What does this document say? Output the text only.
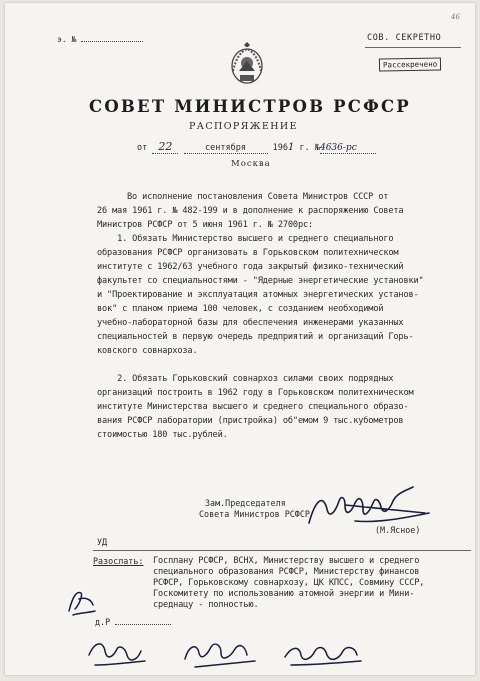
э. №
46
СОВ. СЕКРЕТНО
Рассекречено
СОВЕТ МИНИСТРОВ РСФСР
РАСПОРЯЖЕНИЕ
от 22	сентября	1961 г. №4636-рс
Москва
Во исполнение постановления Совета Министров СССР от
26 мая 1961 г. № 482-199 и в дополнение к распоряжению Совета
Министров РСФСР от 5 июня 1961 г. № 2700рс:
1. Обязать Министерство высшего и среднего специального
образования РСФСР организовать в Горьковском политехническом
институте с 1962/63 учебного года закрытый физико-технический
факультет со специальностями - "Ядерные энергетические установки"
и "Проектирование и эксплуатация атомных энергетических установ-
вок" с планом приема 100 человек, с созданием необходимой
учебно-лабораторной базы для обеспечения инженерами указанных
специальностей в первую очередь предприятий и организаций Горь-
ковского совнархоза.
2. Обязать Горьковский совнархоз силами своих подрядных
организаций построить в 1962 году в Горьковском политехническом
институте Министерства высшего и среднего специального образо-
вания РСФСР лаборатории (пристройка) об"емом 9 тыс.кубометров
стоимостью 180 тыс.рублей.
Зам.Председателя
Совета Министров РСФСР
(М.Ясное)
УД
Разослать: Госплану РСФСР, ВСНХ, Министерству высшего и среднего
специального образования РСФСР, Министерству финансов
РСФСР, Горьковскому совнархозу, ЦК КПСС, Совмину СССР,
Госкомитету по использованию атомной энергии и Мини-
среднацу - полностью.
д.Р
